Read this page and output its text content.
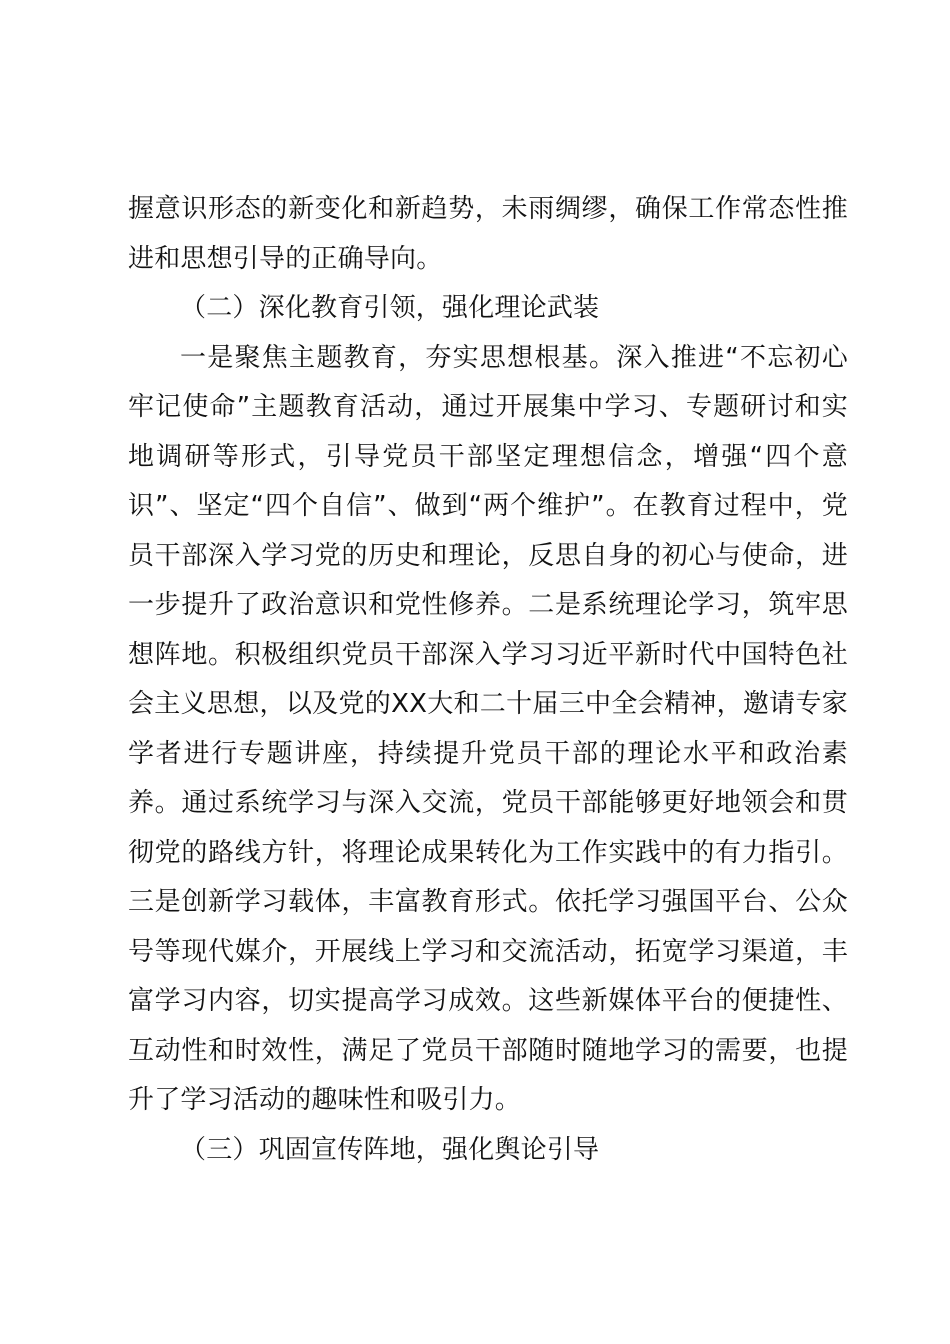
握意识形态的新变化和新趋势，未雨绸缪，确保工作常态性推进和思想引导的正确导向。

（二）深化教育引领，强化理论武装

一是聚焦主题教育，夯实思想根基。深入推进“不忘初心牢记使命”主题教育活动，通过开展集中学习、专题研讨和实地调研等形式，引导党员干部坚定理想信念，增强“四个意识”、坚定“四个自信”、做到“两个维护”。在教育过程中，党员干部深入学习党的历史和理论，反思自身的初心与使命，进一步提升了政治意识和党性修养。二是系统理论学习，筑牢思想阵地。积极组织党员干部深入学习习近平新时代中国特色社会主义思想，以及党的XX大和二十届三中全会精神，邀请专家学者进行专题讲座，持续提升党员干部的理论水平和政治素养。通过系统学习与深入交流，党员干部能够更好地领会和贯彻党的路线方针，将理论成果转化为工作实践中的有力指引。三是创新学习载体，丰富教育形式。依托学习强国平台、公众号等现代媒介，开展线上学习和交流活动，拓宽学习渠道，丰富学习内容，切实提高学习成效。这些新媒体平台的便捷性、互动性和时效性，满足了党员干部随时随地学习的需要，也提升了学习活动的趣味性和吸引力。

（三）巩固宣传阵地，强化舆论引导
